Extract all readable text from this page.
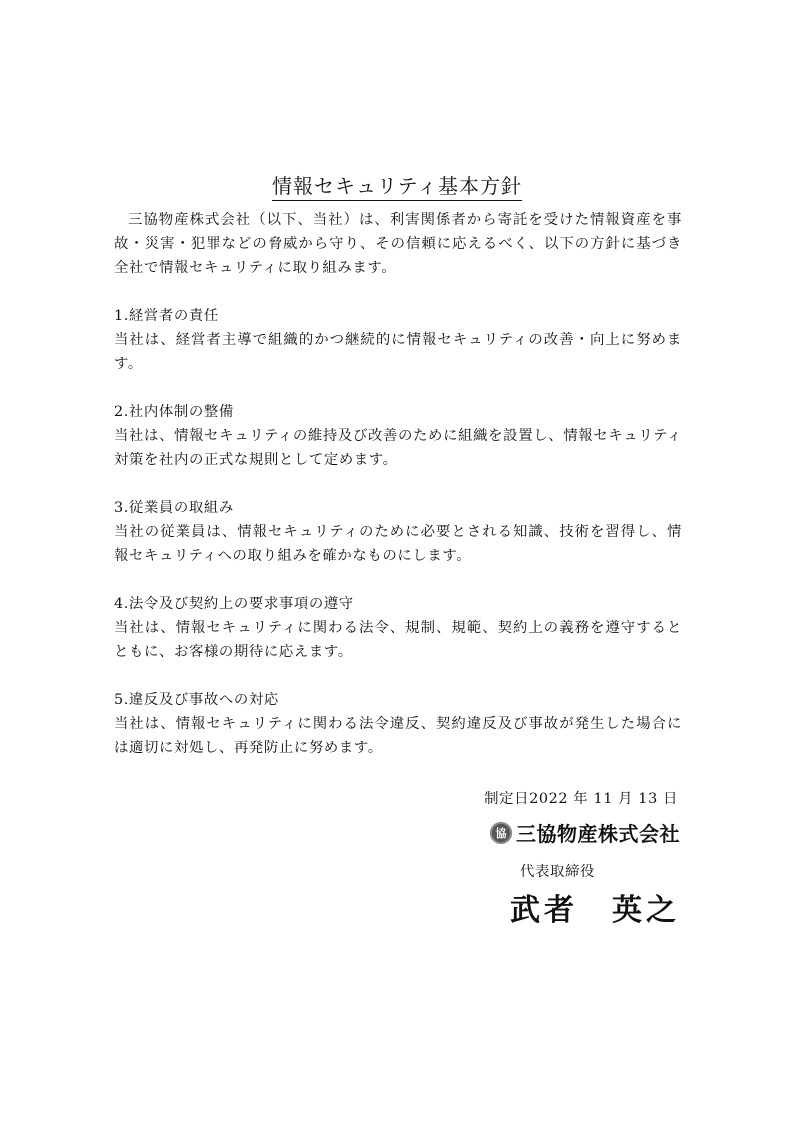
情報セキュリティ基本方針

三協物産株式会社（以下、当社）は、利害関係者から寄託を受けた情報資産を事故・災害・犯罪などの脅威から守り、その信頼に応えるべく、以下の方針に基づき全社で情報セキュリティに取り組みます。

1.経営者の責任

当社は、経営者主導で組織的かつ継続的に情報セキュリティの改善・向上に努めます。

2.社内体制の整備

当社は、情報セキュリティの維持及び改善のために組織を設置し、情報セキュリティ対策を社内の正式な規則として定めます。

3.従業員の取組み

当社の従業員は、情報セキュリティのために必要とされる知識、技術を習得し、情報セキュリティへの取り組みを確かなものにします。

4.法令及び契約上の要求事項の遵守

当社は、情報セキュリティに関わる法令、規制、規範、契約上の義務を遵守するとともに、お客様の期待に応えます。

5.違反及び事故への対応

当社は、情報セキュリティに関わる法令違反、契約違反及び事故が発生した場合には適切に対処し、再発防止に努めます。

制定日2022 年 11 月 13 日
協 三協物産株式会社
代表取締役
武者　英之
